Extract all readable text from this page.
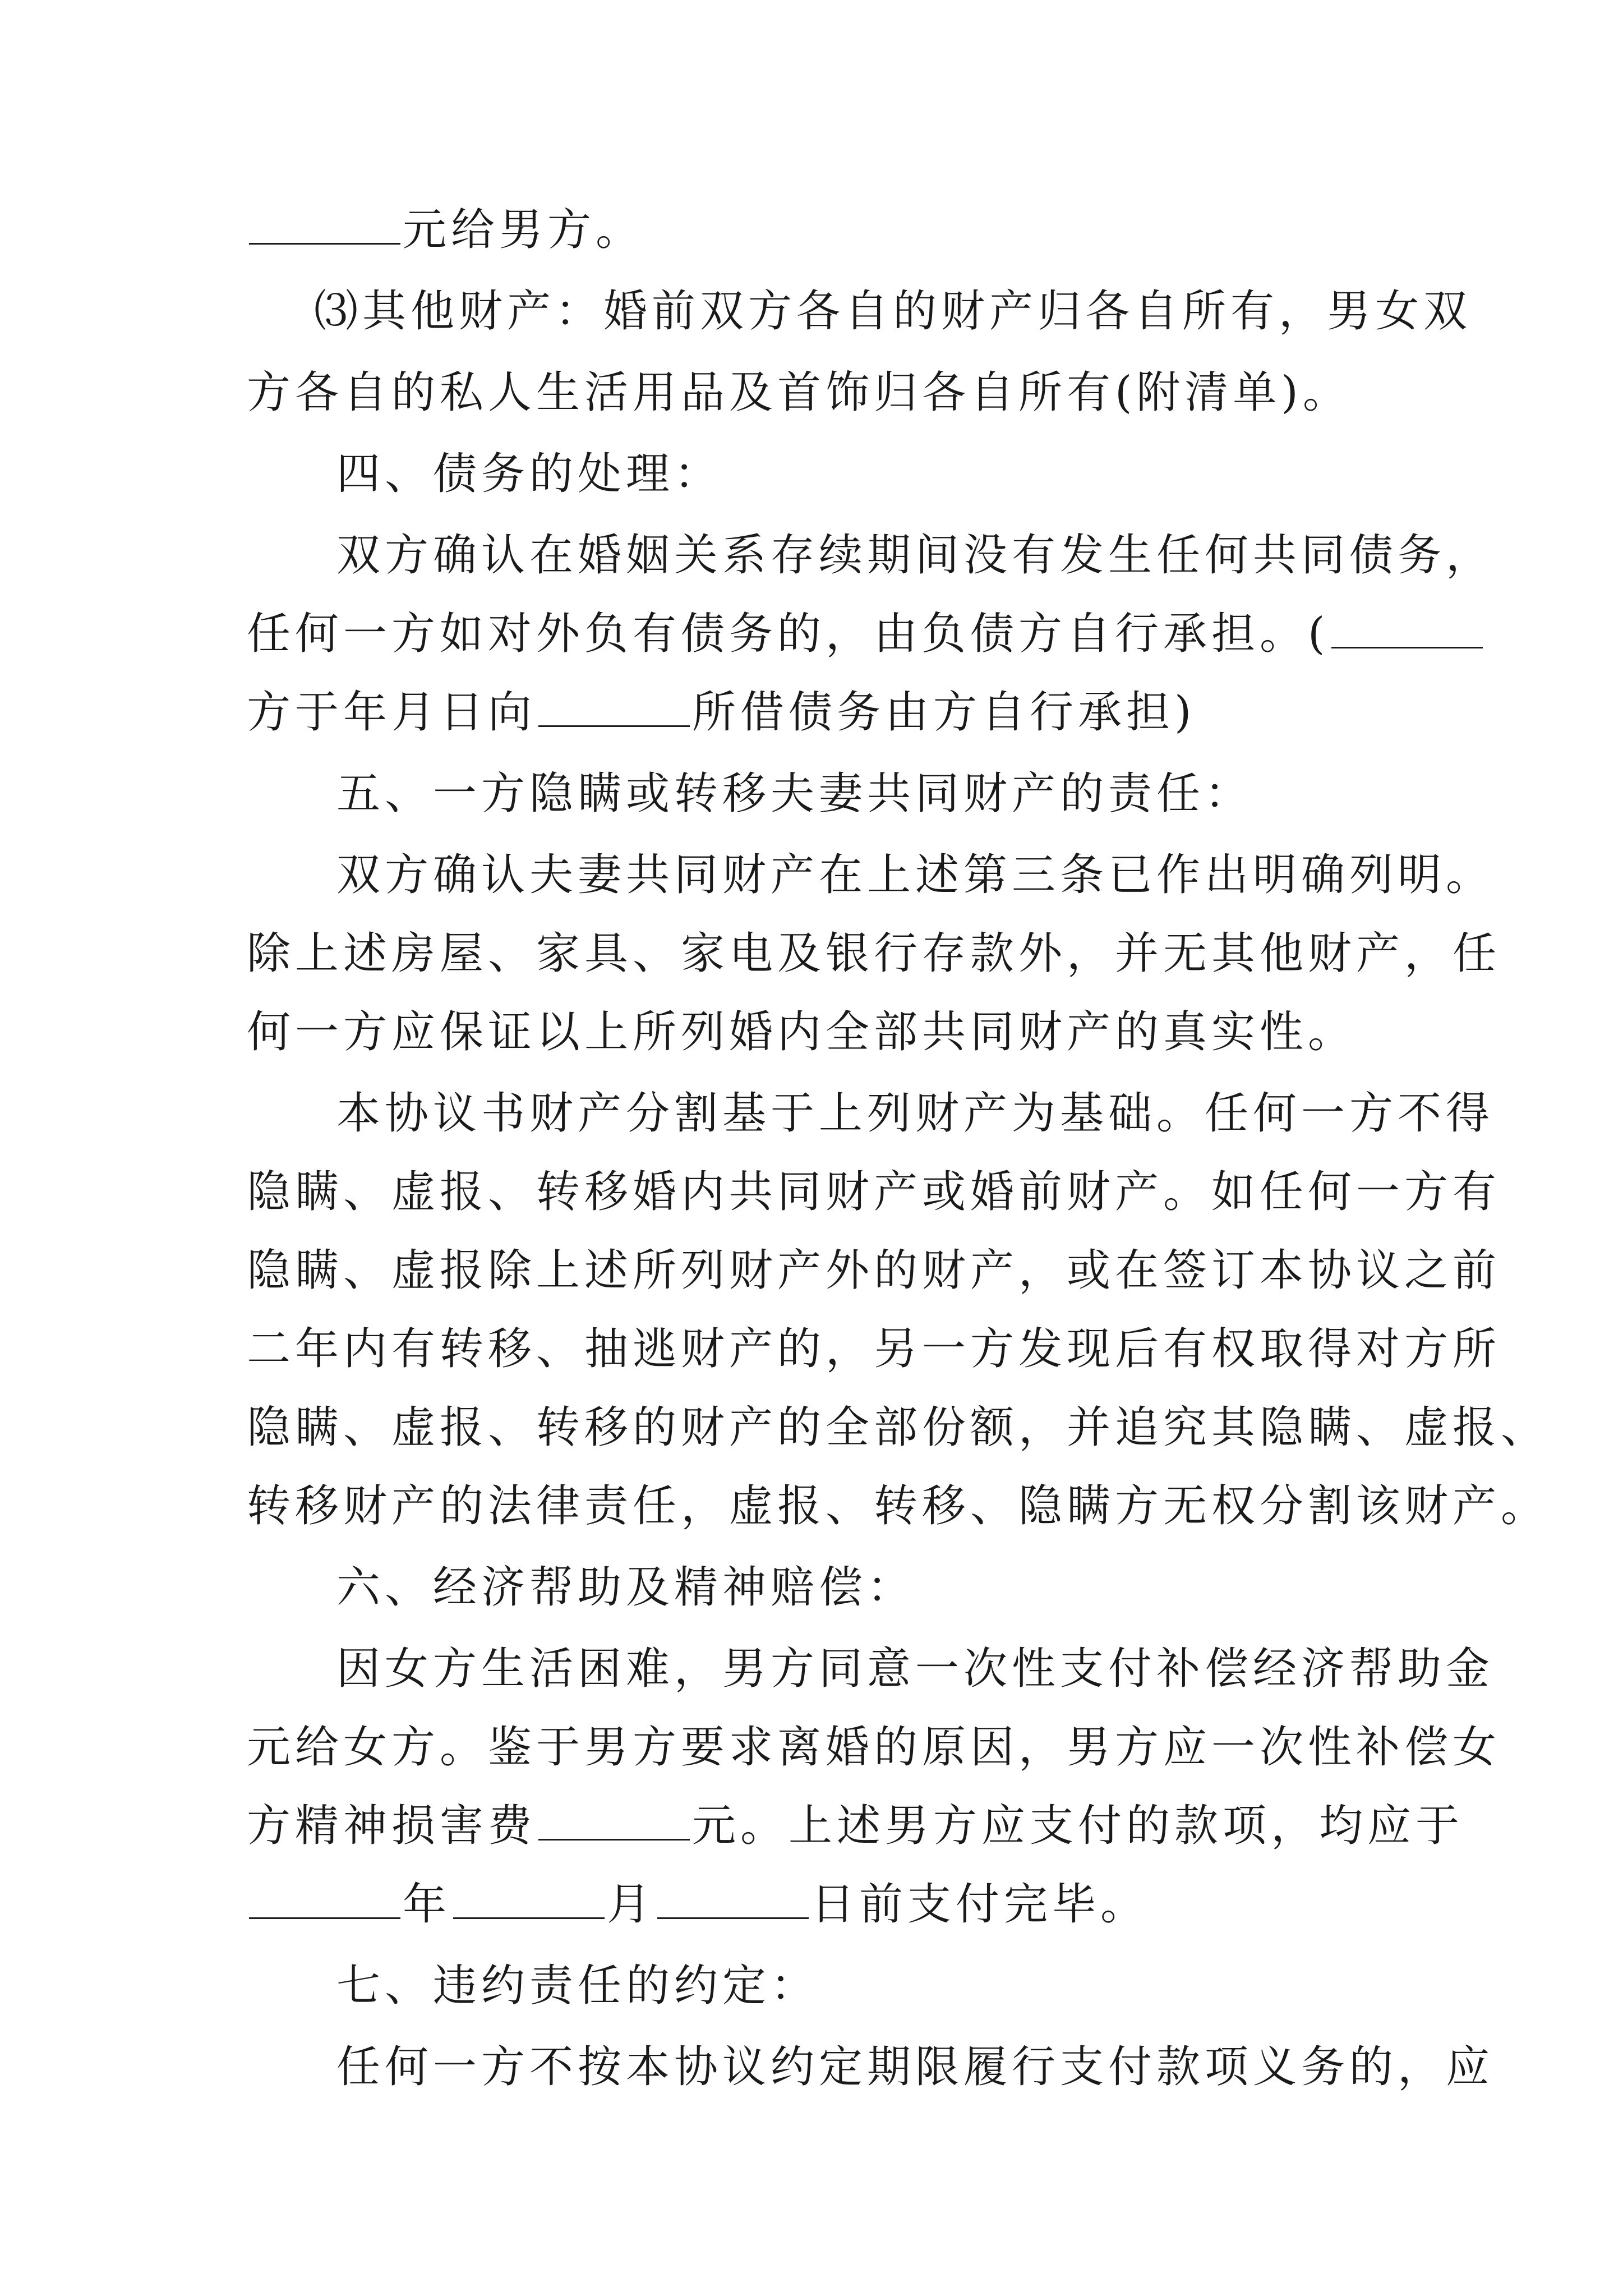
元给男方。
⑶其他财产：婚前双方各自的财产归各自所有，男女双
方各自的私人生活用品及首饰归各自所有(附清单)。
四、债务的处理：
双方确认在婚姻关系存续期间没有发生任何共同债务，
任何一方如对外负有债务的，由负债方自行承担。(
方于年月日向	所借债务由方自行承担)
五、一方隐瞒或转移夫妻共同财产的责任：
双方确认夫妻共同财产在上述第三条已作出明确列明。
除上述房屋、家具、家电及银行存款外，并无其他财产，任
何一方应保证以上所列婚内全部共同财产的真实性。
本协议书财产分割基于上列财产为基础。任何一方不得
隐瞒、虚报、转移婚内共同财产或婚前财产。如任何一方有
隐瞒、虚报除上述所列财产外的财产，或在签订本协议之前
二年内有转移、抽逃财产的，另一方发现后有权取得对方所
隐瞒、虚报、转移的财产的全部份额，并追究其隐瞒、虚报、
转移财产的法律责任，虚报、转移、隐瞒方无权分割该财产。
六、经济帮助及精神赔偿：
因女方生活困难，男方同意一次性支付补偿经济帮助金
元给女方。鉴于男方要求离婚的原因，男方应一次性补偿女
方精神损害费	元。上述男方应支付的款项，均应于
年	月	日前支付完毕。
七、违约责任的约定：
任何一方不按本协议约定期限履行支付款项义务的，应
